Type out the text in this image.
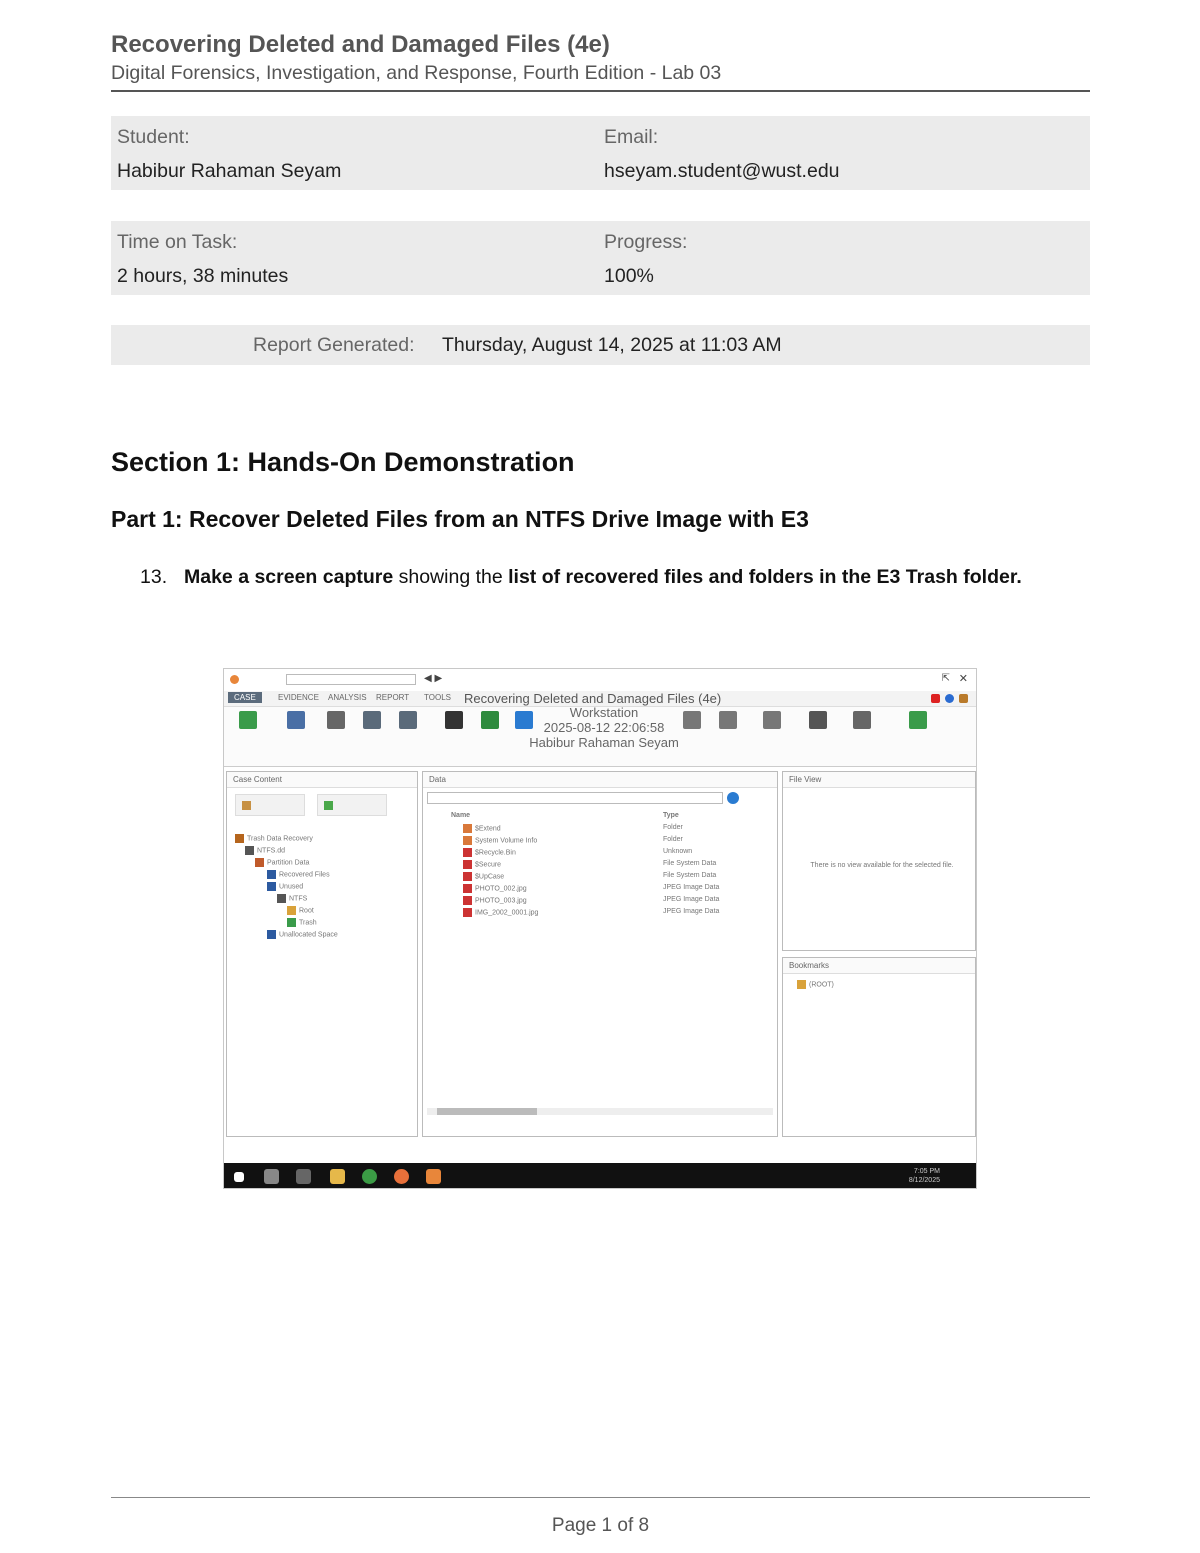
Recovering Deleted and Damaged Files (4e)
Digital Forensics, Investigation, and Response, Fourth Edition - Lab 03
Student:
Habibur Rahaman Seyam
Email:
hseyam.student@wust.edu
Time on Task:
2 hours, 38 minutes
Progress:
100%
Report Generated: Thursday, August 14, 2025 at 11:03 AM
Section 1: Hands-On Demonstration
Part 1: Recover Deleted Files from an NTFS Drive Image with E3
13. Make a screen capture showing the list of recovered files and folders in the E3 Trash folder.
◀ ▶	⇱ ✕
CASE	EVIDENCE ANALYSIS REPORT TOOLS Recovering Deleted and Damaged Files (4e)
Workstation
2025-08-12 22:06:58
Habibur Rahaman Seyam
Case Content
Trash Data Recovery
NTFS.dd
Partition Data
Recovered Files
Unused
NTFS
Root
Trash
Unallocated Space
Data
Name	Type
$Extend	Folder
System Volume Info	Folder
$Recycle.Bin	Unknown
$Secure	File System Data
$UpCase	File System Data
PHOTO_002.jpg	JPEG Image Data
PHOTO_003.jpg	JPEG Image Data
IMG_2002_0001.jpg	JPEG Image Data
File View
There is no view available for the selected file.
Bookmarks
(ROOT)
7:05 PM
8/12/2025
Page 1 of 8
